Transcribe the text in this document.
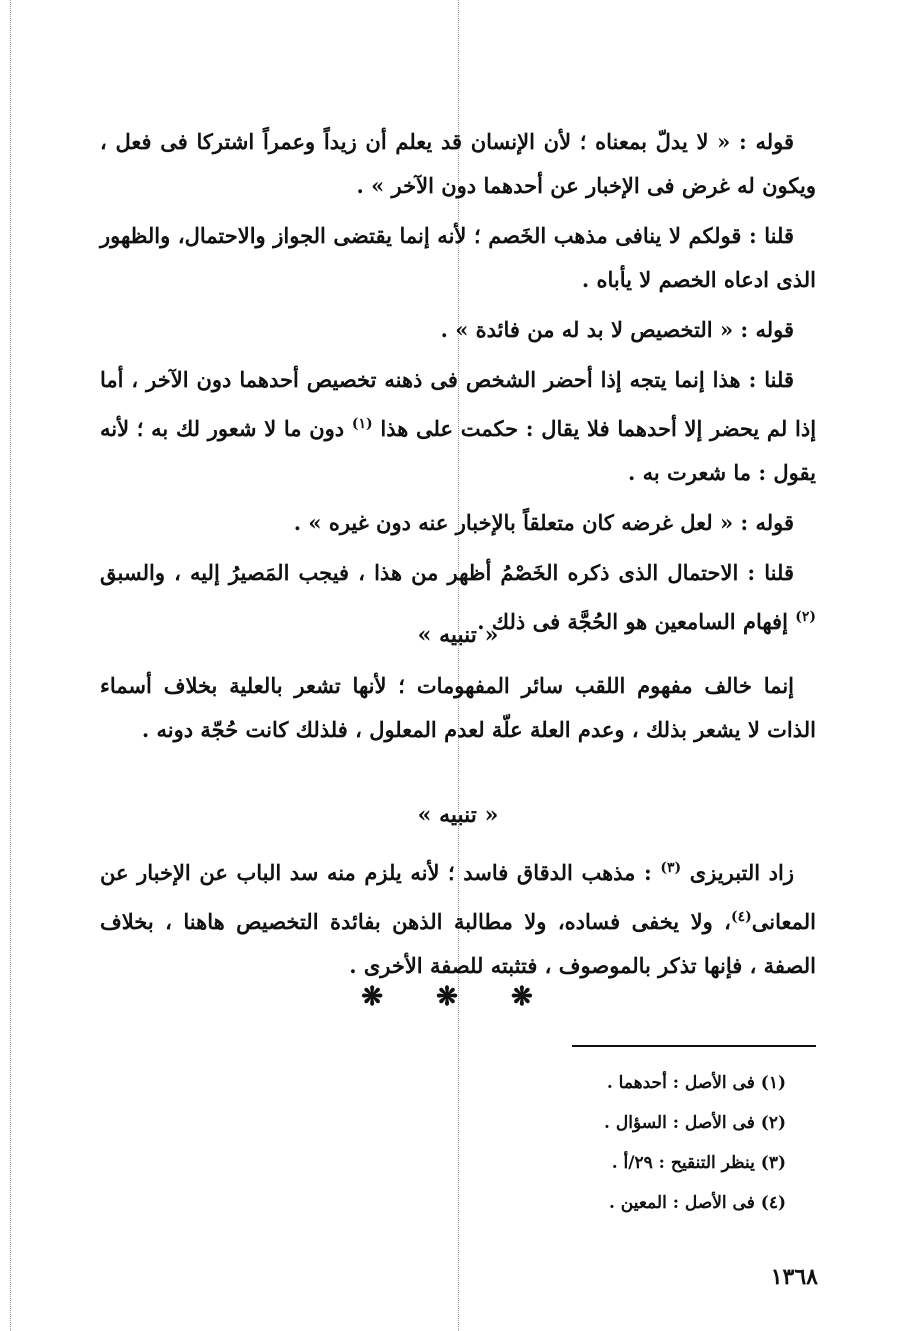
قوله : « لا يدلّ بمعناه ؛ لأن الإنسان قد يعلم أن زيداً وعمراً اشتركا فى فعل ، ويكون له غرض فى الإخبار عن أحدهما دون الآخر » .

قلنا : قولكم لا ينافى مذهب الخَصم ؛ لأنه إنما يقتضى الجواز والاحتمال، والظهور الذى ادعاه الخصم لا يأباه .

قوله : « التخصيص لا بد له من فائدة » .

قلنا : هذا إنما يتجه إذا أحضر الشخص فى ذهنه تخصيص أحدهما دون الآخر ، أما إذا لم يحضر إلا أحدهما فلا يقال : حكمت على هذا $^{(١)}$ دون ما لا شعور لك به ؛ لأنه يقول : ما شعرت به .

قوله : « لعل غرضه كان متعلقاً بالإخبار عنه دون غيره » .

قلنا : الاحتمال الذى ذكره الخَصْمُ أظهر من هذا ، فيجب المَصيرُ إليه ، والسبق $^{(٢)}$ إفهام السامعين هو الحُجَّة فى ذلك .

« تنبيه »

إنما خالف مفهوم اللقب سائر المفهومات ؛ لأنها تشعر بالعلية بخلاف أسماء الذات لا يشعر بذلك ، وعدم العلة علّة لعدم المعلول ، فلذلك كانت حُجّة دونه .

« تنبيه »

زاد التبريزى $^{(٣)}$ : مذهب الدقاق فاسد ؛ لأنه يلزم منه سد الباب عن الإخبار عن المعانى$^{(٤)}$، ولا يخفى فساده، ولا مطالبة الذهن بفائدة التخصيص هاهنا ، بخلاف الصفة ، فإنها تذكر بالموصوف ، فتثبته للصفة الأخرى .

❋ ❋ ❋

(١) فى الأصل : أحدهما .

(٢) فى الأصل : السؤال .

(٣) ينظر التنقيح : ٢٩/أ .

(٤) فى الأصل : المعين .

١٣٦٨
